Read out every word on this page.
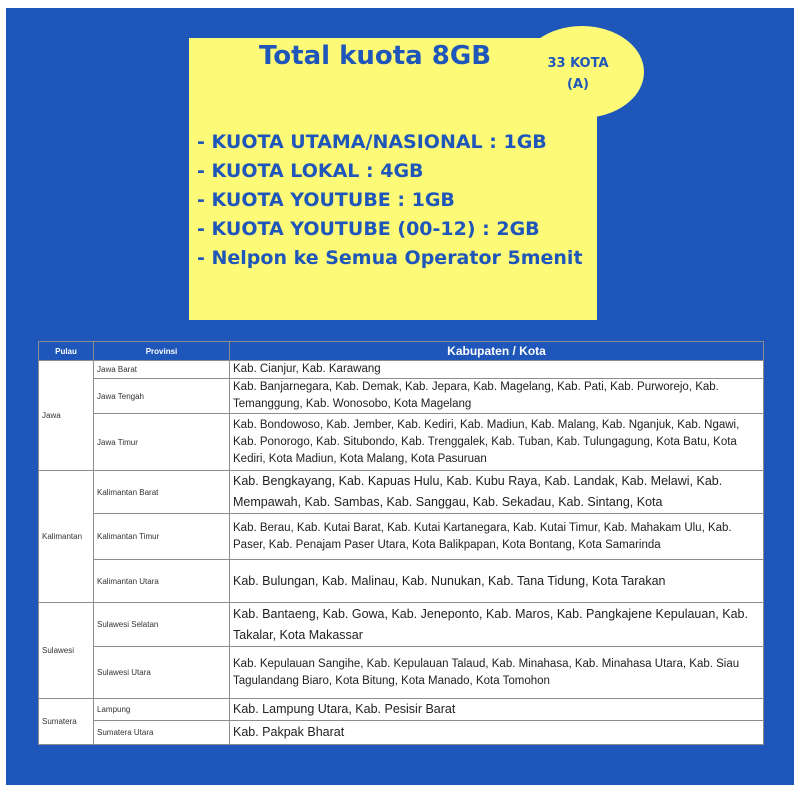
33 KOTA
(A)
Total kuota 8GB
- KUOTA UTAMA/NASIONAL : 1GB
- KUOTA LOKAL : 4GB
- KUOTA YOUTUBE : 1GB
- KUOTA YOUTUBE (00-12) : 2GB
- Nelpon ke Semua Operator 5menit
Pulau	Provinsi	Kabupaten / Kota
Jawa	Jawa Barat	Kab. Cianjur, Kab. Karawang
	Jawa Tengah	Kab. Banjarnegara, Kab. Demak, Kab. Jepara, Kab. Magelang, Kab. Pati, Kab. Purworejo, Kab. Temanggung, Kab. Wonosobo, Kota Magelang
	Jawa Timur	Kab. Bondowoso, Kab. Jember, Kab. Kediri, Kab. Madiun, Kab. Malang, Kab. Nganjuk, Kab. Ngawi, Kab. Ponorogo, Kab. Situbondo, Kab. Trenggalek, Kab. Tuban, Kab. Tulungagung, Kota Batu, Kota Kediri, Kota Madiun, Kota Malang, Kota Pasuruan
Kalimantan	Kalimantan Barat	Kab. Bengkayang, Kab. Kapuas Hulu, Kab. Kubu Raya, Kab. Landak, Kab. Melawi, Kab. Mempawah, Kab. Sambas, Kab. Sanggau, Kab. Sekadau, Kab. Sintang, Kota
	Kalimantan Timur	Kab. Berau, Kab. Kutai Barat, Kab. Kutai Kartanegara, Kab. Kutai Timur, Kab. Mahakam Ulu, Kab. Paser, Kab. Penajam Paser Utara, Kota Balikpapan, Kota Bontang, Kota Samarinda
	Kalimantan Utara	Kab. Bulungan, Kab. Malinau, Kab. Nunukan, Kab. Tana Tidung, Kota Tarakan
Sulawesi	Sulawesi Selatan	Kab. Bantaeng, Kab. Gowa, Kab. Jeneponto, Kab. Maros, Kab. Pangkajene Kepulauan, Kab. Takalar, Kota Makassar
	Sulawesi Utara	Kab. Kepulauan Sangihe, Kab. Kepulauan Talaud, Kab. Minahasa, Kab. Minahasa Utara, Kab. Siau Tagulandang Biaro, Kota Bitung, Kota Manado, Kota Tomohon
Sumatera	Lampung	Kab. Lampung Utara, Kab. Pesisir Barat
	Sumatera Utara	Kab. Pakpak Bharat
